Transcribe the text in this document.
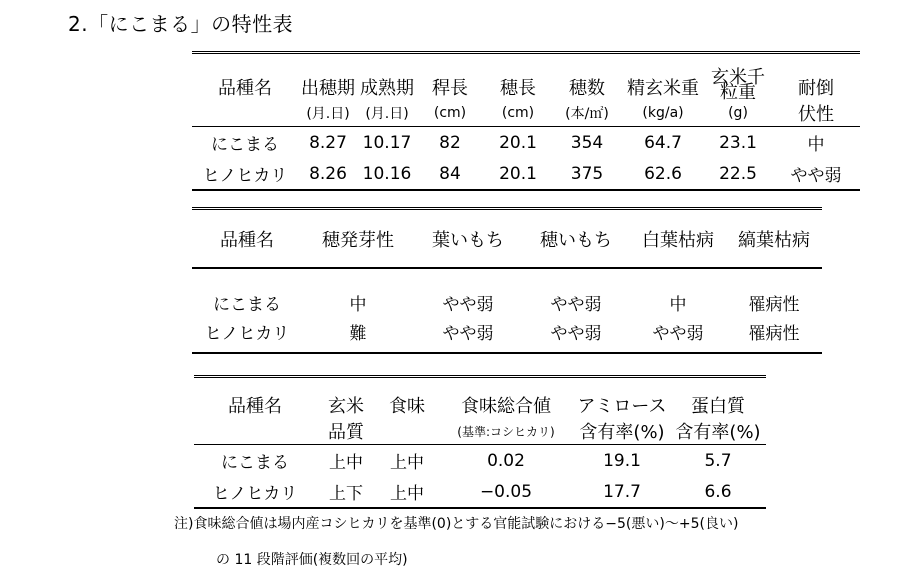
2.「にこまる」の特性表
品種名	出穂期	成熟期	稈長	穂長	穂数	精玄米重	玄米千粒重	耐倒
	(月.日)	(月.日)	(cm)	(cm)	(本/㎡)	(kg/a)	(g)	伏性
にこまる	8.27	10.17	82	20.1	354	64.7	23.1	中
ヒノヒカリ	8.26	10.16	84	20.1	375	62.6	22.5	やや弱
品種名	穂発芽性	葉いもち	穂いもち	白葉枯病	縞葉枯病
にこまる	中	やや弱	やや弱	中	罹病性
ヒノヒカリ	難	やや弱	やや弱	やや弱	罹病性
品種名	玄米	食味	食味総合値	アミロース	蛋白質
	品質		(基準:コシヒカリ)	含有率(%)	含有率(%)
にこまる	上中	上中	0.02	19.1	5.7
ヒノヒカリ	上下	上中	−0.05	17.7	6.6
注)食味総合値は場内産コシヒカリを基準(0)とする官能試験における−5(悪い)〜+5(良い)
の 11 段階評価(複数回の平均)
